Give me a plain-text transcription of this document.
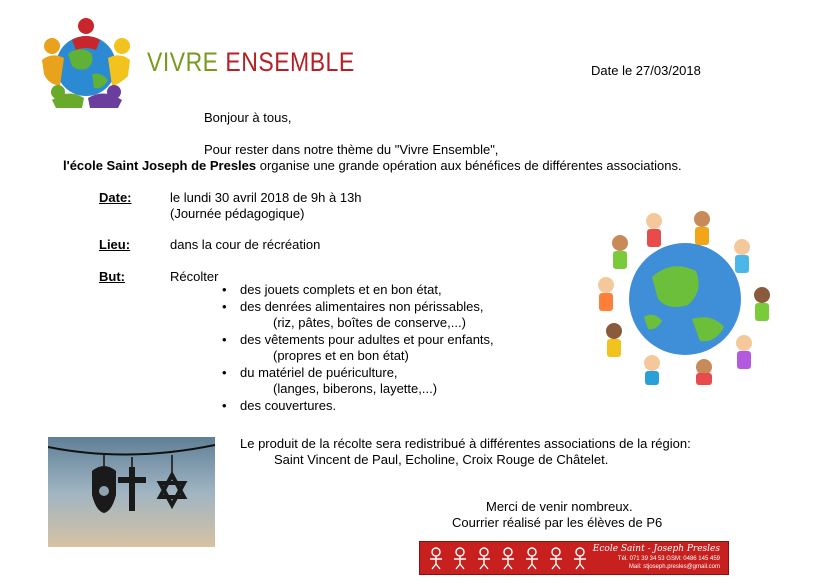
VIVRE ENSEMBLE	Date le 27/03/2018
Bonjour à tous,
Pour rester dans notre thème du "Vivre Ensemble",
l'école Saint Joseph de Presles organise une grande opération aux bénéfices de différentes associations.
Date:	le lundi 30 avril 2018 de 9h à 13h
(Journée pédagogique)
Lieu:	dans la cour de récréation
But:	Récolter
• des jouets complets et en bon état,
• des denrées alimentaires non périssables,
(riz, pâtes, boîtes de conserve,...)
• des vêtements pour adultes et pour enfants,
(propres et en bon état)
• du matériel de puériculture,
(langes, biberons, layette,...)
• des couvertures.
Le produit de la récolte sera redistribué à différentes associations de la région:
Saint Vincent de Paul, Echoline, Croix Rouge de Châtelet.
Merci de venir nombreux.
Courrier réalisé par les élèves de P6
Ecole Saint - Joseph Presles
Tél. 071 39 34 53 GSM: 0486 145 459
Mail: stjoseph.presles@gmail.com
